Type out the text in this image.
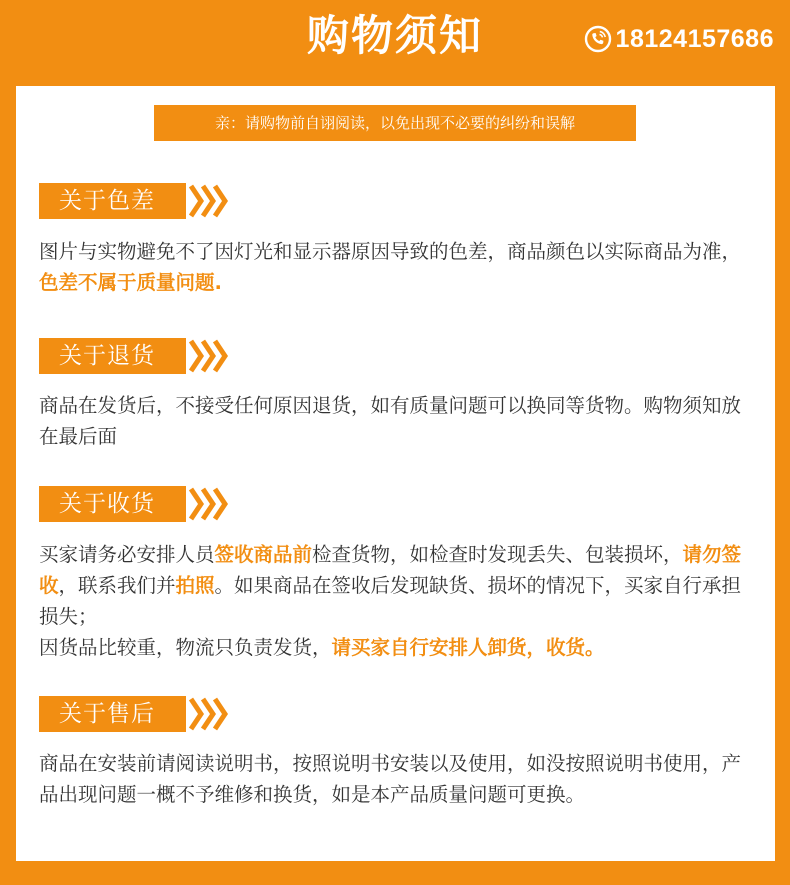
购物须知	18124157686
亲：请购物前自诩阅读，以免出现不必要的纠纷和误解
关于色差

图片与实物避免不了因灯光和显示器原因导致的色差，商品颜色以实际商品为准，色差不属于质量问题.

关于退货

商品在发货后，不接受任何原因退货，如有质量问题可以换同等货物。购物须知放在最后面

关于收货

买家请务必安排人员签收商品前检查货物，如检查时发现丢失、包装损坏，请勿签收，联系我们并拍照。如果商品在签收后发现缺货、损坏的情况下，买家自行承担损失；
因货品比较重，物流只负责发货，请买家自行安排人卸货，收货。

关于售后

商品在安装前请阅读说明书，按照说明书安装以及使用，如没按照说明书使用，产品出现问题一概不予维修和换货，如是本产品质量问题可更换。
